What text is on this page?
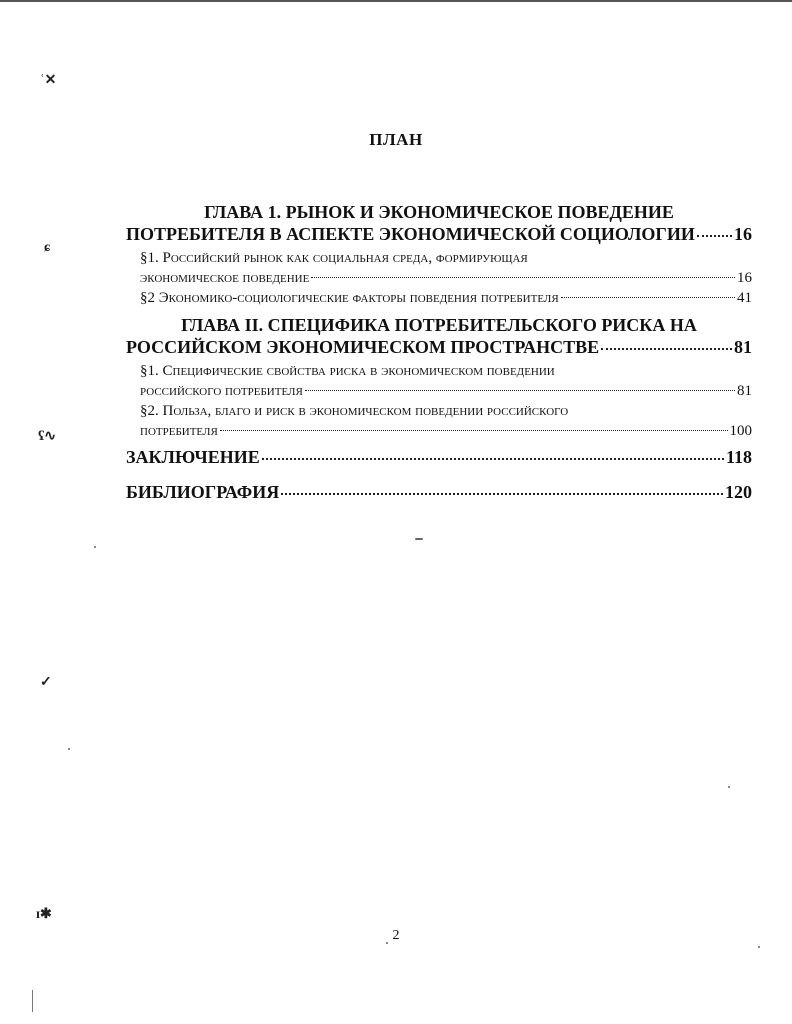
ʿ✕
ɕ
ʕ∿
✓
ɪ✱
ПЛАН
ГЛАВА 1. РЫНОК И ЭКОНОМИЧЕСКОЕ ПОВЕДЕНИЕ
ПОТРЕБИТЕЛЯ В АСПЕКТЕ ЭКОНОМИЧЕСКОЙ СОЦИОЛОГИИ 16
§1. Российский рынок как социальная среда, формирующая
экономическое поведение	16
§2 Экономико-социологические факторы поведения потребителя	41
ГЛАВА II. СПЕЦИФИКА ПОТРЕБИТЕЛЬСКОГО РИСКА НА
РОССИЙСКОМ ЭКОНОМИЧЕСКОМ ПРОСТРАНСТВЕ	81
§1. Специфические свойства риска в экономическом поведении
российского потребителя	81
§2. Польза, благо и риск в экономическом поведении российского
потребителя	100
ЗАКЛЮЧЕНИЕ	118
БИБЛИОГРАФИЯ	120
2
